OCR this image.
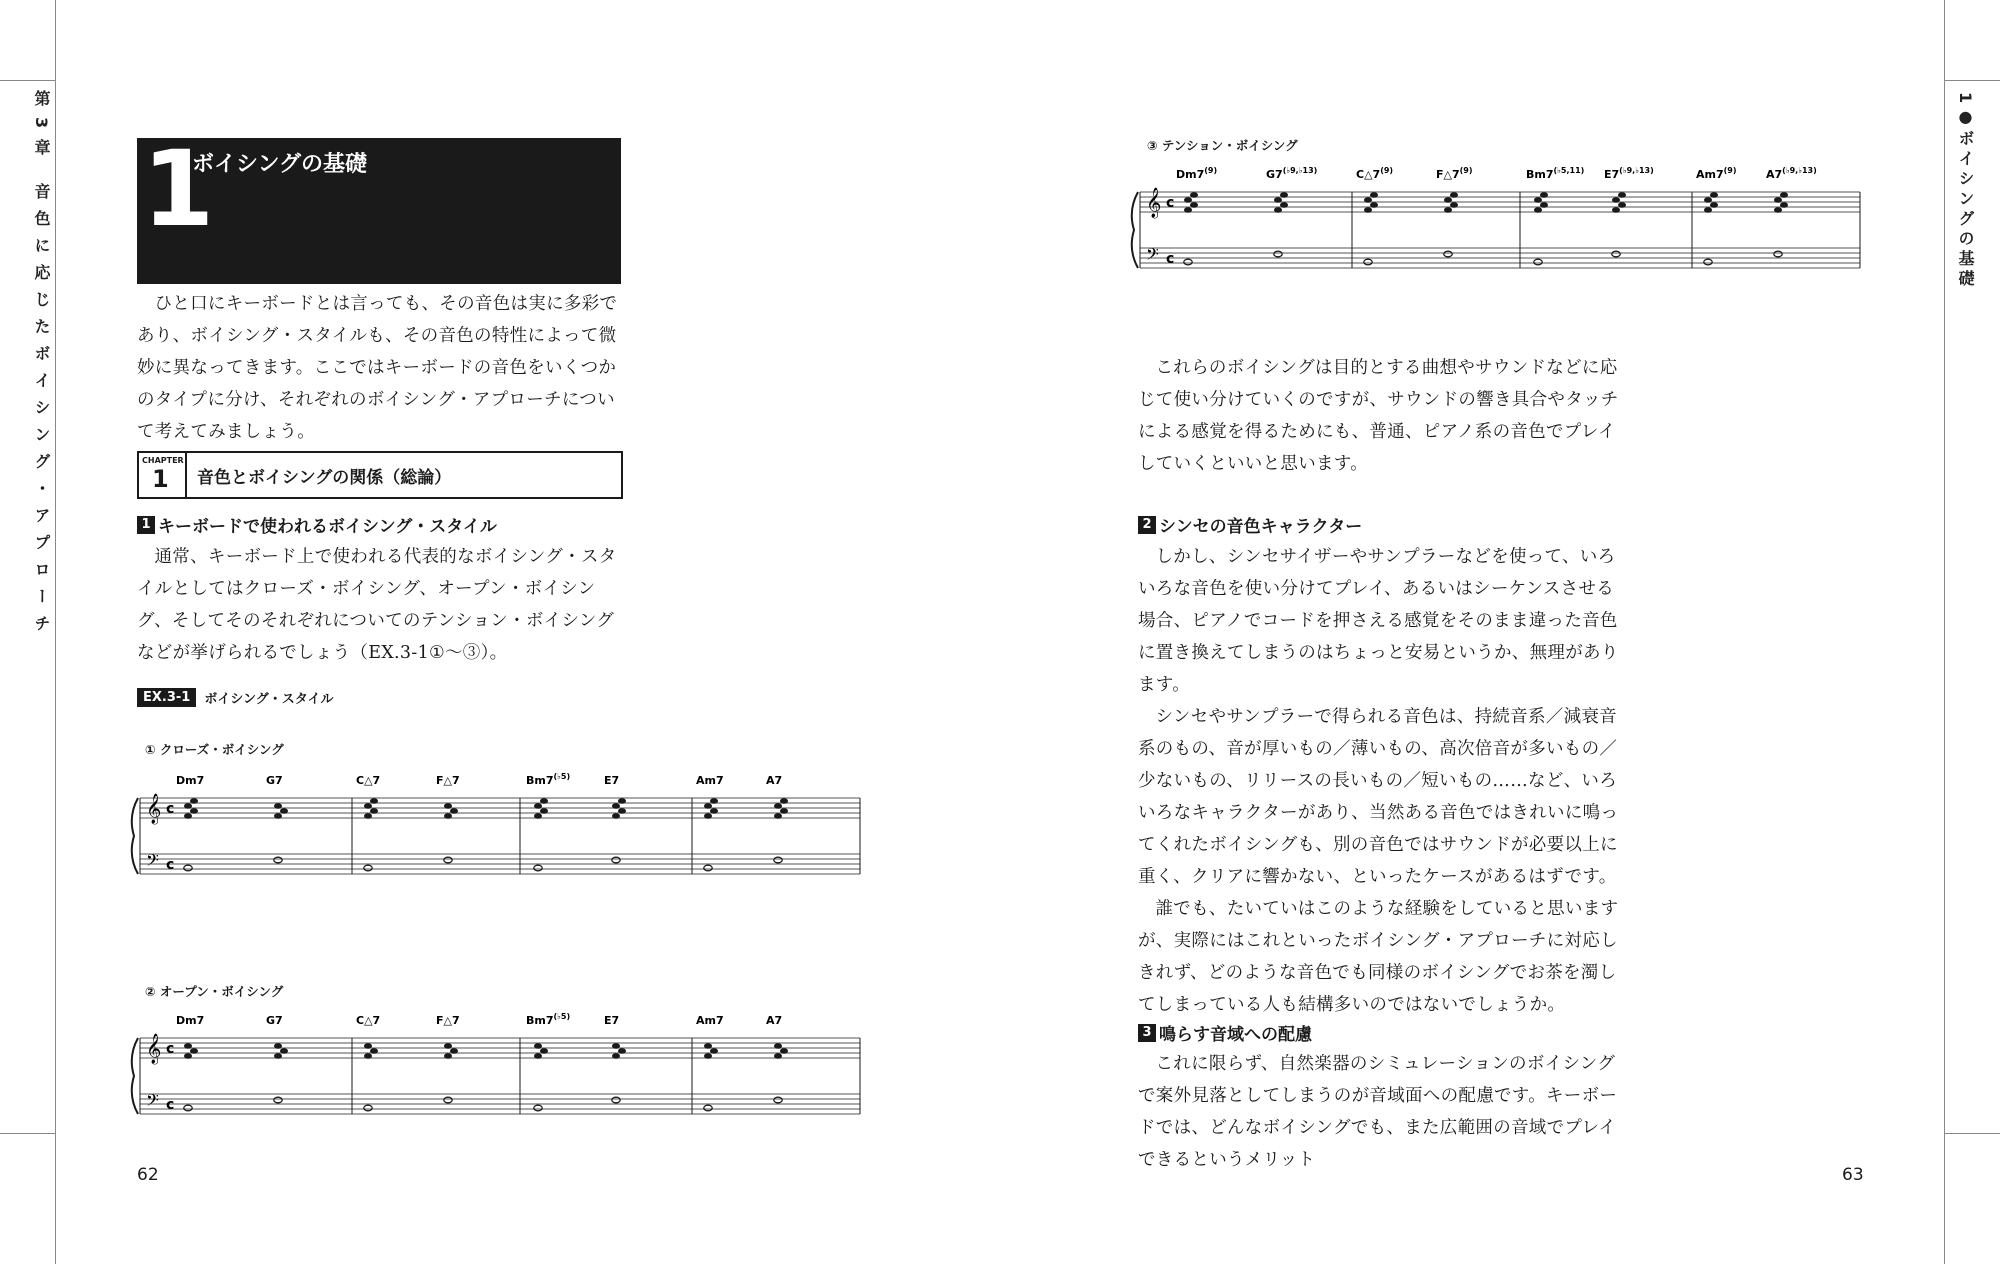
第3章 音色に応じたボイシング・アプローチ	1●ボイシングの基礎
1
ボイシングの基礎

ひと口にキーボードとは言っても、その音色は実に多彩であり、ボイシング・スタイルも、その音色の特性によって微妙に異なってきます。ここではキーボードの音色をいくつかのタイプに分け、それぞれのボイシング・アプローチについて考えてみましょう。

CHAPTER
1	音色とボイシングの関係（総論）
1 キーボードで使われるボイシング・スタイル

通常、キーボード上で使われる代表的なボイシング・スタイルとしてはクローズ・ボイシング、オープン・ボイシング、そしてそのそれぞれについてのテンション・ボイシングなどが挙げられるでしょう（EX.3-1①〜③）。

EX.3-1	ボイシング・スタイル
① クローズ・ボイシング
𝄞
𝄢
c
c
Dm7	G7	C△7	F△7	$Bm7^{(♭5)}$	E7	Am7	A7
② オープン・ボイシング
𝄞
𝄢
c
c
Dm7	G7	C△7	F△7	$Bm7^{(♭5)}$	E7	Am7	A7
62
③ テンション・ボイシング
𝄞
𝄢
c
c
Dm7$^{(9)}$	$G7^{(♭9,♭13)}$	C△7$^{(9)}$	F△7$^{(9)}$	$Bm7^{(♭5,11)}$ $E7^{(♭9,♭13)}$	Am7$^{(9)}$	$A7^{(♭9,♭13)}$

これらのボイシングは目的とする曲想やサウンドなどに応じて使い分けていくのですが、サウンドの響き具合やタッチによる感覚を得るためにも、普通、ピアノ系の音色でプレイしていくといいと思います。

2 シンセの音色キャラクター

しかし、シンセサイザーやサンプラーなどを使って、いろいろな音色を使い分けてプレイ、あるいはシーケンスさせる場合、ピアノでコードを押さえる感覚をそのまま違った音色に置き換えてしまうのはちょっと安易というか、無理があります。

シンセやサンプラーで得られる音色は、持続音系／減衰音系のもの、音が厚いもの／薄いもの、高次倍音が多いもの／少ないもの、リリースの長いもの／短いもの……など、いろいろなキャラクターがあり、当然ある音色ではきれいに鳴ってくれたボイシングも、別の音色ではサウンドが必要以上に重く、クリアに響かない、といったケースがあるはずです。

誰でも、たいていはこのような経験をしていると思いますが、実際にはこれといったボイシング・アプローチに対応しきれず、どのような音色でも同様のボイシングでお茶を濁してしまっている人も結構多いのではないでしょうか。

3 鳴らす音域への配慮

これに限らず、自然楽器のシミュレーションのボイシングで案外見落としてしまうのが音域面への配慮です。キーボードでは、どんなボイシングでも、また広範囲の音域でプレイできるというメリット

63
